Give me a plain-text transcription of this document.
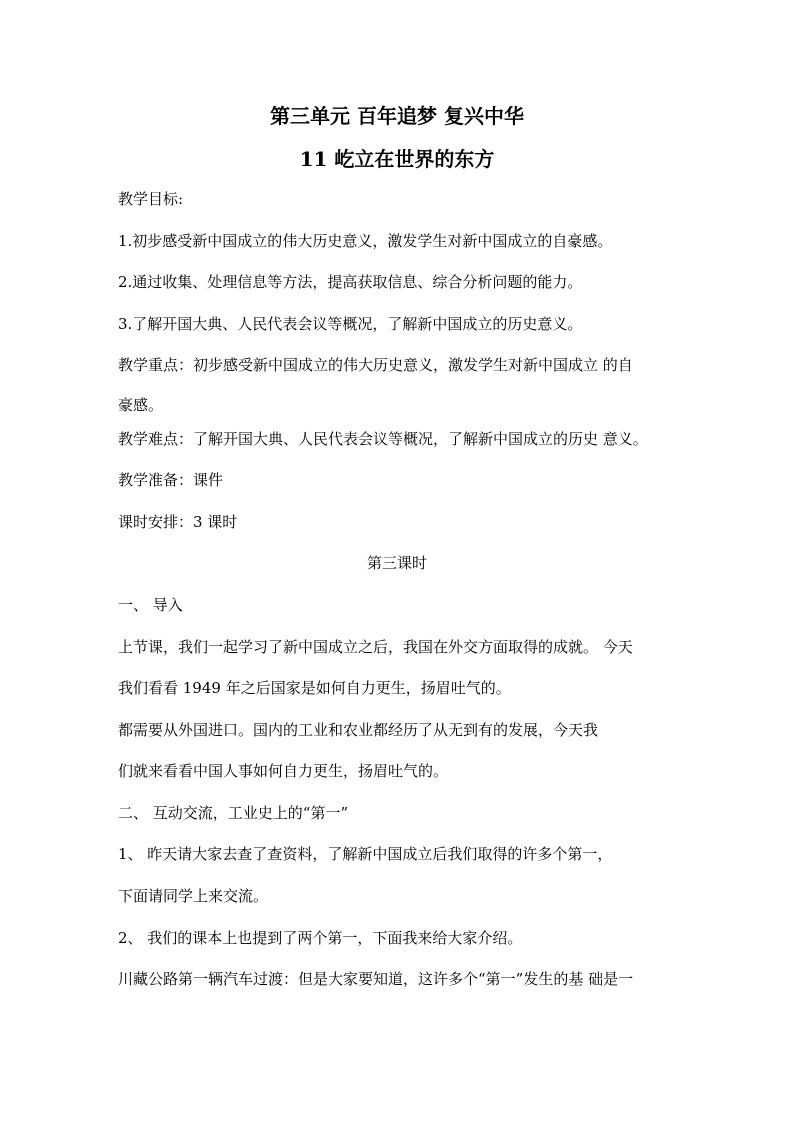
第三单元 百年追梦 复兴中华
11 屹立在世界的东方
教学目标:
1.初步感受新中国成立的伟大历史意义，激发学生对新中国成立的自豪感。
2.通过收集、处理信息等方法，提高获取信息、综合分析问题的能力。
3.了解开国大典、人民代表会议等概况，了解新中国成立的历史意义。
教学重点：初步感受新中国成立的伟大历史意义，激发学生对新中国成立 的自
豪感。
教学难点：了解开国大典、人民代表会议等概况，了解新中国成立的历史 意义。
教学准备：课件
课时安排：3 课时
第三课时
一、 导入
上节课，我们一起学习了新中国成立之后，我国在外交方面取得的成就。 今天
我们看看 1949 年之后国家是如何自力更生，扬眉吐气的。
都需要从外国进口。国内的工业和农业都经历了从无到有的发展，今天我
们就来看看中国人事如何自力更生，扬眉吐气的。
二、 互动交流，工业史上的“第一”
1、 昨天请大家去查了查资料，了解新中国成立后我们取得的许多个第一，
下面请同学上来交流。
2、 我们的课本上也提到了两个第一，下面我来给大家介绍。
川藏公路第一辆汽车过渡：但是大家要知道，这许多个“第一”发生的基 础是一
